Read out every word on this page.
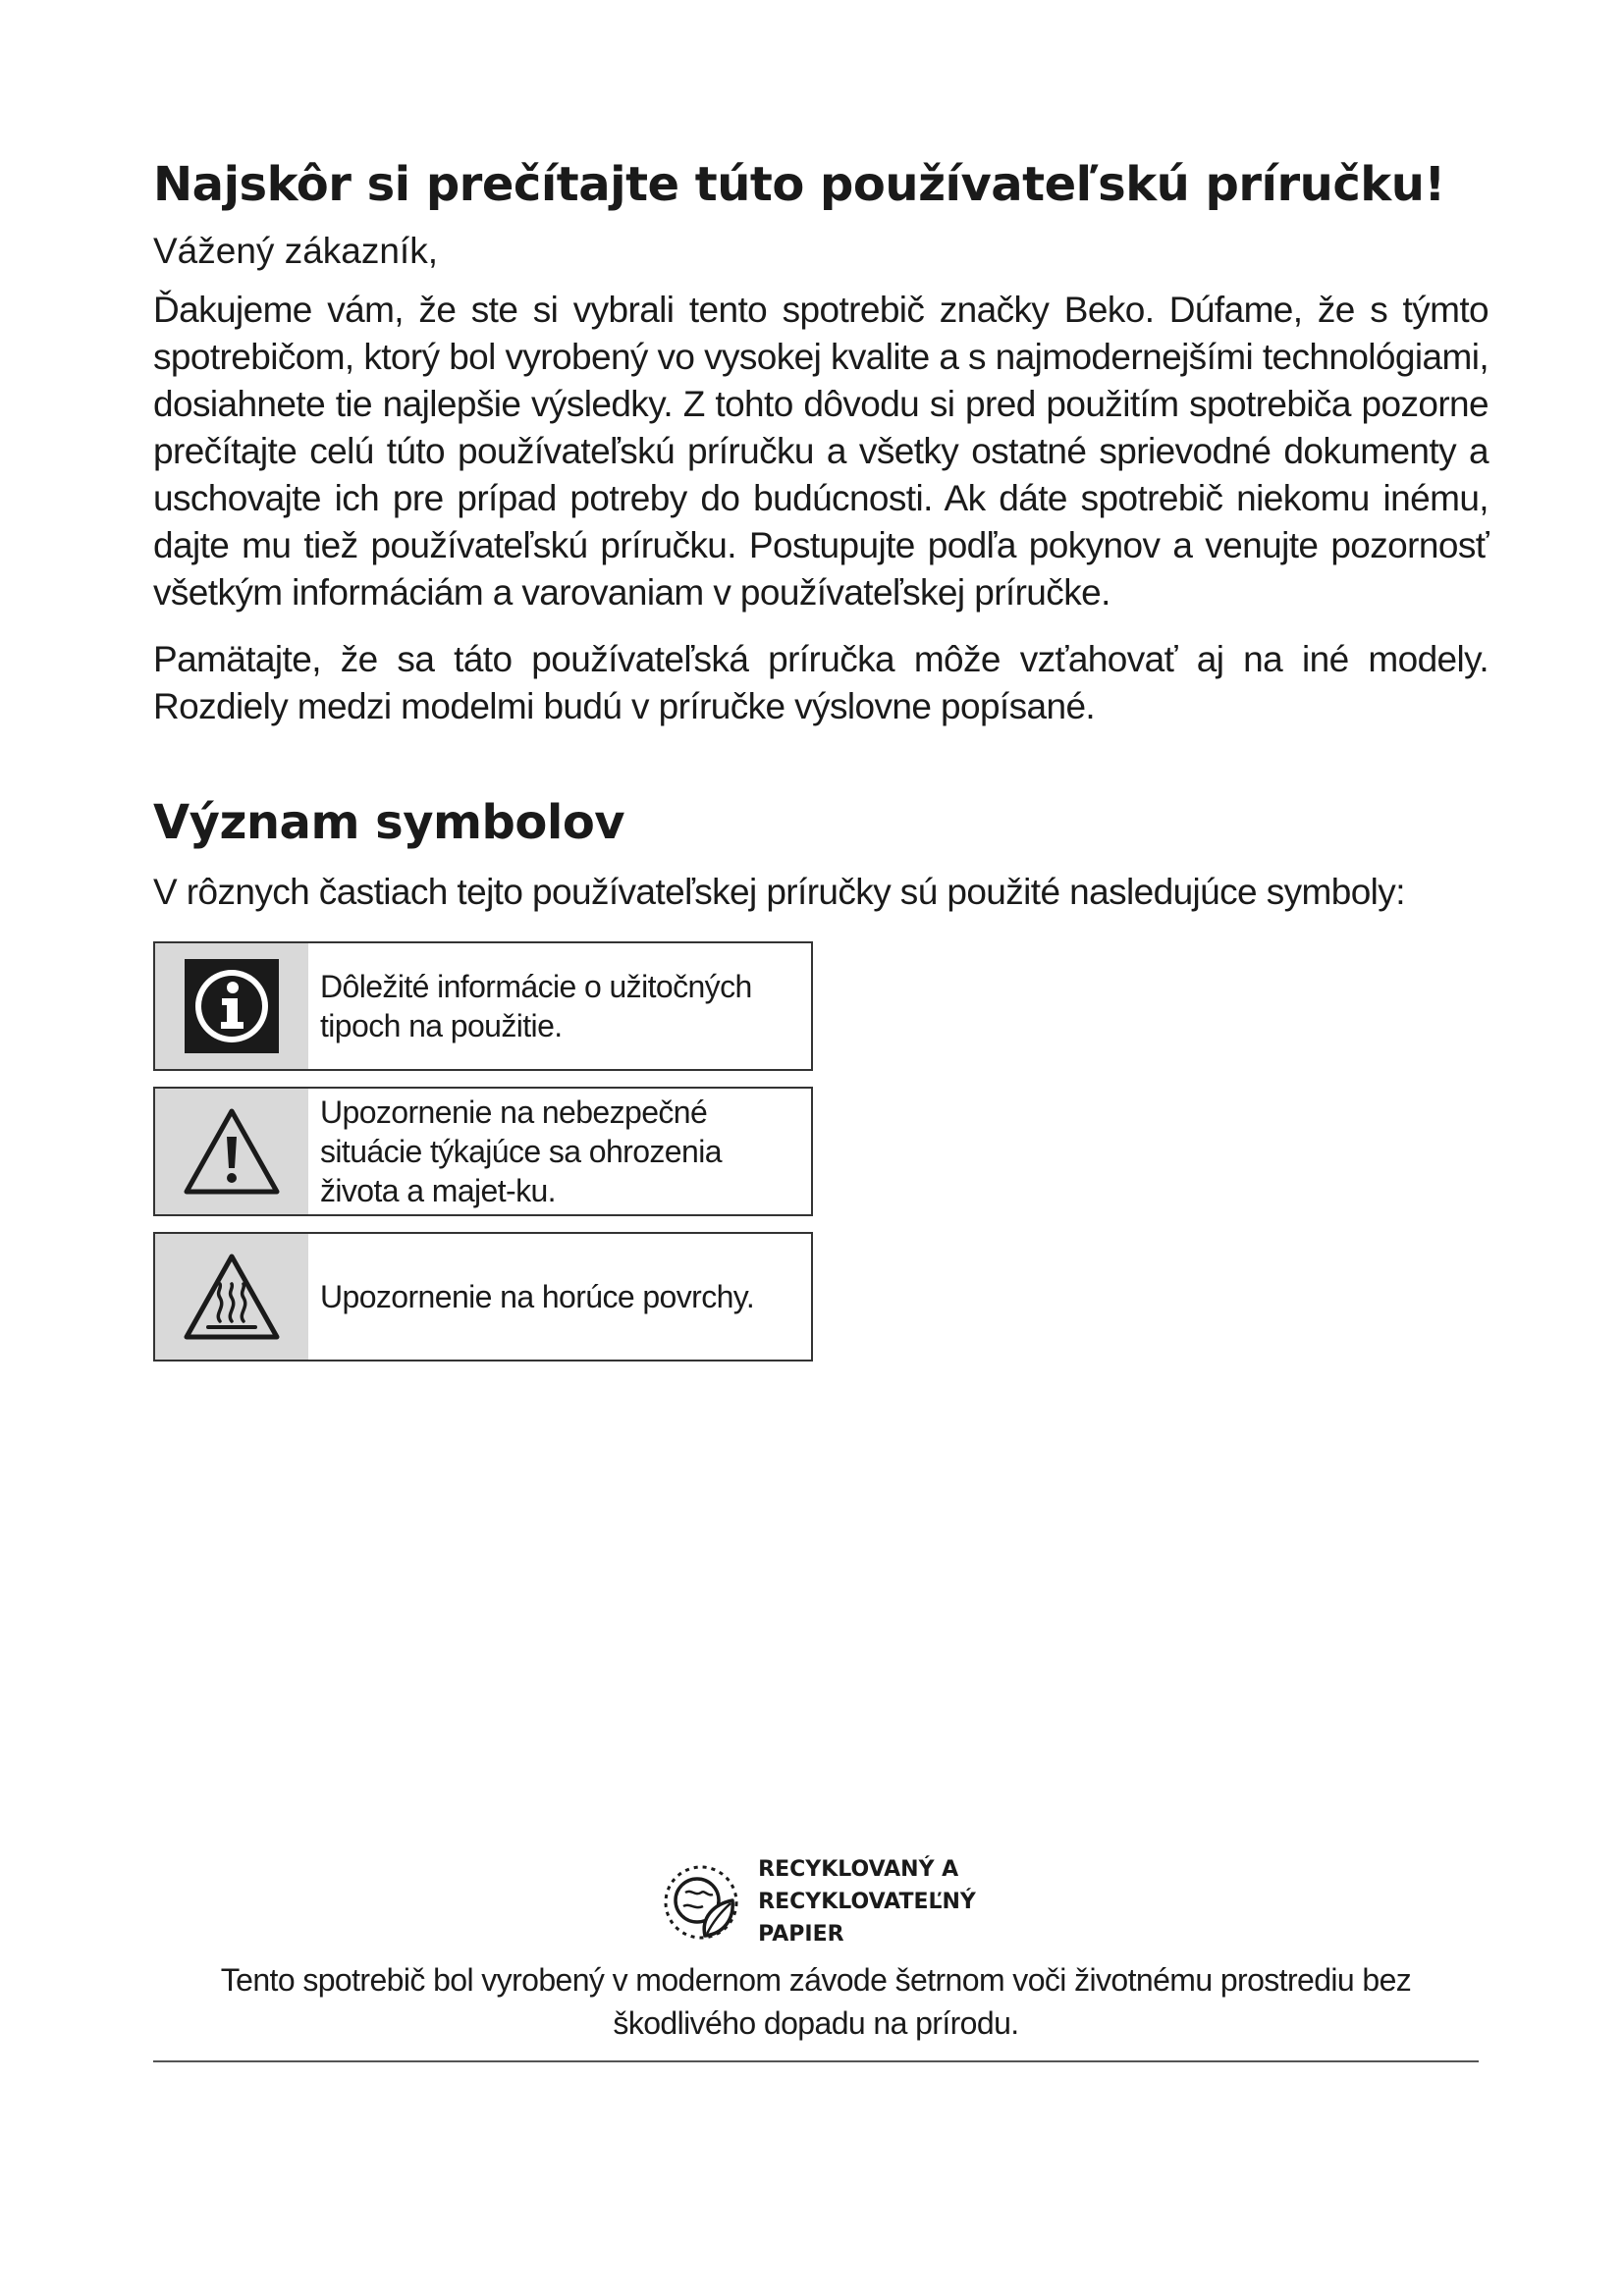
Najskôr si prečítajte túto používateľskú príručku!

Vážený zákazník,

Ďakujeme vám, že ste si vybrali tento spotrebič značky Beko. Dúfame, že s týmto spotrebičom, ktorý bol vyrobený vo vysokej kvalite a s najmodernejšími technológiami, dosiahnete tie najlepšie výsledky. Z tohto dôvodu si pred použitím spotrebiča pozorne prečítajte celú túto používateľskú príručku a všetky ostatné sprievodné dokumenty a uschovajte ich pre prípad potreby do budúcnosti. Ak dáte spotrebič niekomu inému, dajte mu tiež používateľskú príručku. Postupujte podľa pokynov a venujte pozornosť všetkým informáciám a varovaniam v používateľskej príručke.

Pamätajte, že sa táto používateľská príručka môže vzťahovať aj na iné modely. Rozdiely medzi modelmi budú v príručke výslovne popísané.

Význam symbolov

V rôznych častiach tejto používateľskej príručky sú použité nasledujúce symboly:

Dôležité informácie o užitočných tipoch na použitie.
Upozornenie na nebezpečné situácie týkajúce sa ohrozenia života a majet-ku.
Upozornenie na horúce povrchy.
RECYKLOVANÝ A
RECYKLOVATEĽNÝ
PAPIER

Tento spotrebič bol vyrobený v modernom závode šetrnom voči životnému prostrediu bez škodlivého dopadu na prírodu.
